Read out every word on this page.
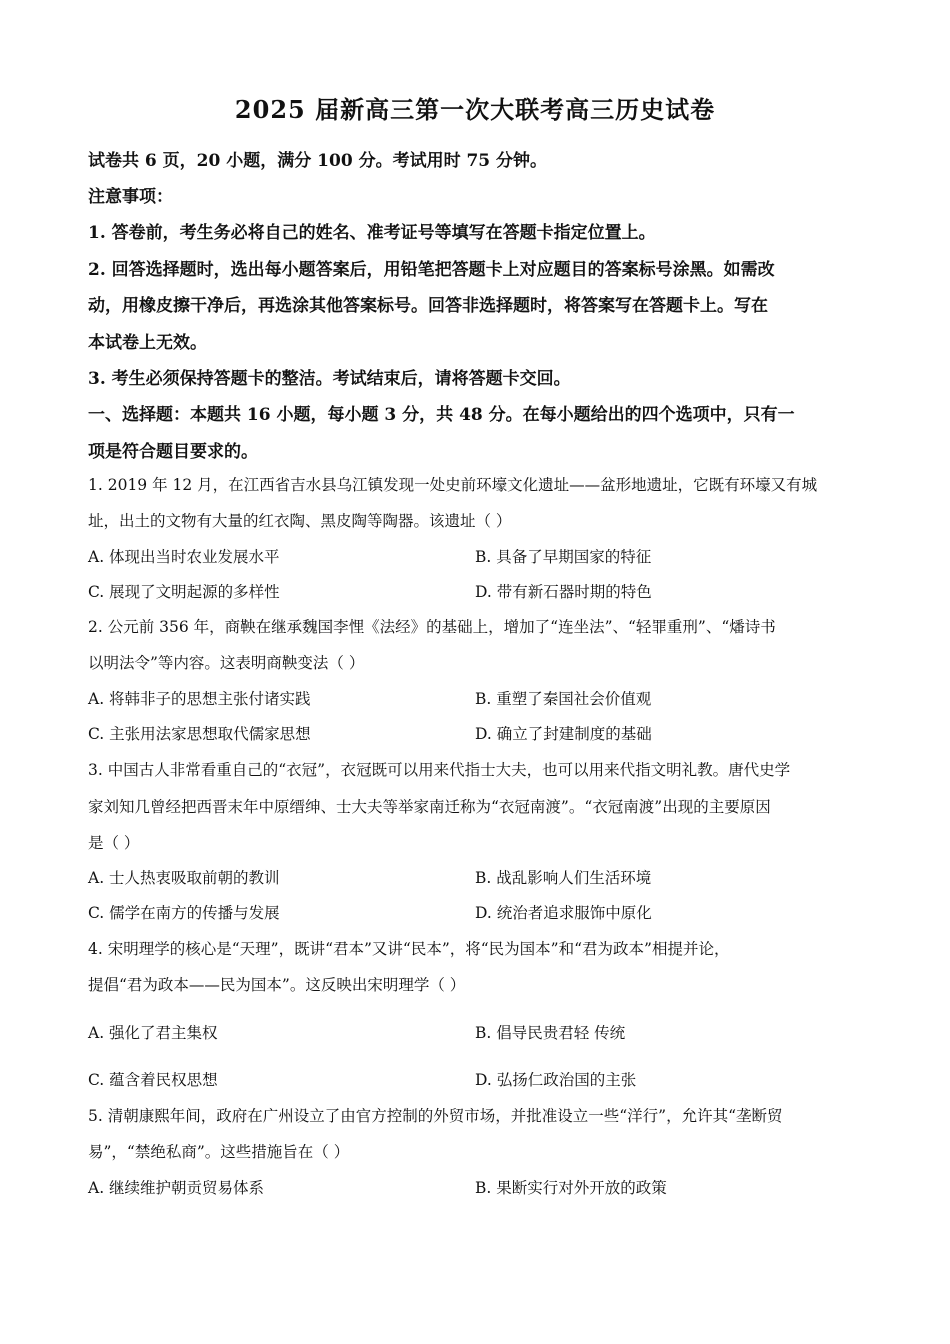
2025 届新高三第一次大联考高三历史试卷
试卷共 6 页，20 小题，满分 100 分。考试用时 75 分钟。
注意事项：
1. 答卷前，考生务必将自己的姓名、准考证号等填写在答题卡指定位置上。
2. 回答选择题时，选出每小题答案后，用铅笔把答题卡上对应题目的答案标号涂黑。如需改
动，用橡皮擦干净后，再选涂其他答案标号。回答非选择题时，将答案写在答题卡上。写在
本试卷上无效。
3. 考生必须保持答题卡的整洁。考试结束后，请将答题卡交回。
一、选择题：本题共 16 小题，每小题 3 分，共 48 分。在每小题给出的四个选项中，只有一
项是符合题目要求的。
1. 2019 年 12 月，在江西省吉水县乌江镇发现一处史前环壕文化遗址——盆形地遗址，它既有环壕又有城
址，出土的文物有大量的红衣陶、黑皮陶等陶器。该遗址（ ）
A. 体现出当时农业发展水平	B. 具备了早期国家的特征
C. 展现了文明起源的多样性	D. 带有新石器时期的特色
2. 公元前 356 年，商鞅在继承魏国李悝《法经》的基础上，增加了“连坐法”、“轻罪重刑”、“燔诗书
以明法令”等内容。这表明商鞅变法（ ）
A. 将韩非子的思想主张付诸实践	B. 重塑了秦国社会价值观
C. 主张用法家思想取代儒家思想	D. 确立了封建制度的基础
3. 中国古人非常看重自己的“衣冠”，衣冠既可以用来代指士大夫，也可以用来代指文明礼教。唐代史学
家刘知几曾经把西晋末年中原缙绅、士大夫等举家南迁称为“衣冠南渡”。“衣冠南渡”出现的主要原因
是（ ）
A. 士人热衷吸取前朝的教训	B. 战乱影响人们生活环境
C. 儒学在南方的传播与发展	D. 统治者追求服饰中原化
4. 宋明理学的核心是“天理”，既讲“君本”又讲“民本”，将“民为国本”和“君为政本”相提并论，
提倡“君为政本——民为国本”。这反映出宋明理学（ ）
A. 强化了君主集权	B. 倡导民贵君轻 传统
C. 蕴含着民权思想	D. 弘扬仁政治国的主张
5. 清朝康熙年间，政府在广州设立了由官方控制的外贸市场，并批准设立一些“洋行”，允许其“垄断贸
易”，“禁绝私商”。这些措施旨在（ ）
A. 继续维护朝贡贸易体系	B. 果断实行对外开放的政策
